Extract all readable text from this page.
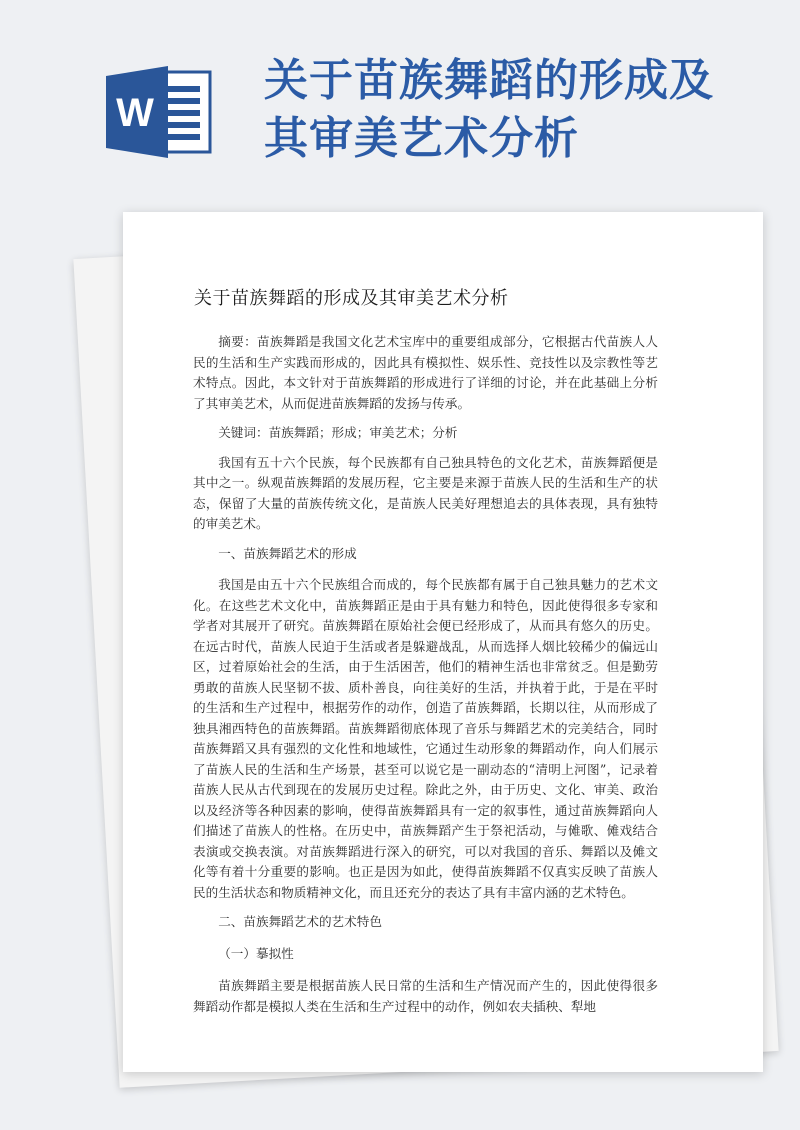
W
关于苗族舞蹈的形成及
其审美艺术分析
关于苗族舞蹈的形成及其审美艺术分析

摘要：苗族舞蹈是我国文化艺术宝库中的重要组成部分，它根据古代苗族人人民的生活和生产实践而形成的，因此具有模拟性、娱乐性、竞技性以及宗教性等艺术特点。因此，本文针对于苗族舞蹈的形成进行了详细的讨论，并在此基础上分析了其审美艺术，从而促进苗族舞蹈的发扬与传承。

关键词：苗族舞蹈；形成；审美艺术；分析

我国有五十六个民族，每个民族都有自己独具特色的文化艺术，苗族舞蹈便是其中之一。纵观苗族舞蹈的发展历程，它主要是来源于苗族人民的生活和生产的状态，保留了大量的苗族传统文化，是苗族人民美好理想追去的具体表现，具有独特的审美艺术。

一、苗族舞蹈艺术的形成

我国是由五十六个民族组合而成的，每个民族都有属于自己独具魅力的艺术文化。在这些艺术文化中，苗族舞蹈正是由于具有魅力和特色，因此使得很多专家和学者对其展开了研究。苗族舞蹈在原始社会便已经形成了，从而具有悠久的历史。在远古时代，苗族人民迫于生活或者是躲避战乱，从而选择人烟比较稀少的偏远山区，过着原始社会的生活，由于生活困苦，他们的精神生活也非常贫乏。但是勤劳勇敢的苗族人民坚韧不拔、质朴善良，向往美好的生活，并执着于此，于是在平时的生活和生产过程中，根据劳作的动作，创造了苗族舞蹈，长期以往，从而形成了独具湘西特色的苗族舞蹈。苗族舞蹈彻底体现了音乐与舞蹈艺术的完美结合，同时苗族舞蹈又具有强烈的文化性和地域性，它通过生动形象的舞蹈动作，向人们展示了苗族人民的生活和生产场景，甚至可以说它是一副动态的“清明上河图”，记录着苗族人民从古代到现在的发展历史过程。除此之外，由于历史、文化、审美、政治以及经济等各种因素的影响，使得苗族舞蹈具有一定的叙事性，通过苗族舞蹈向人们描述了苗族人的性格。在历史中，苗族舞蹈产生于祭祀活动，与傩歌、傩戏结合表演或交换表演。对苗族舞蹈进行深入的研究，可以对我国的音乐、舞蹈以及傩文化等有着十分重要的影响。也正是因为如此，使得苗族舞蹈不仅真实反映了苗族人民的生活状态和物质精神文化，而且还充分的表达了具有丰富内涵的艺术特色。

二、苗族舞蹈艺术的艺术特色

（一）摹拟性

苗族舞蹈主要是根据苗族人民日常的生活和生产情况而产生的，因此使得很多舞蹈动作都是模拟人类在生活和生产过程中的动作，例如农夫插秧、犁地
